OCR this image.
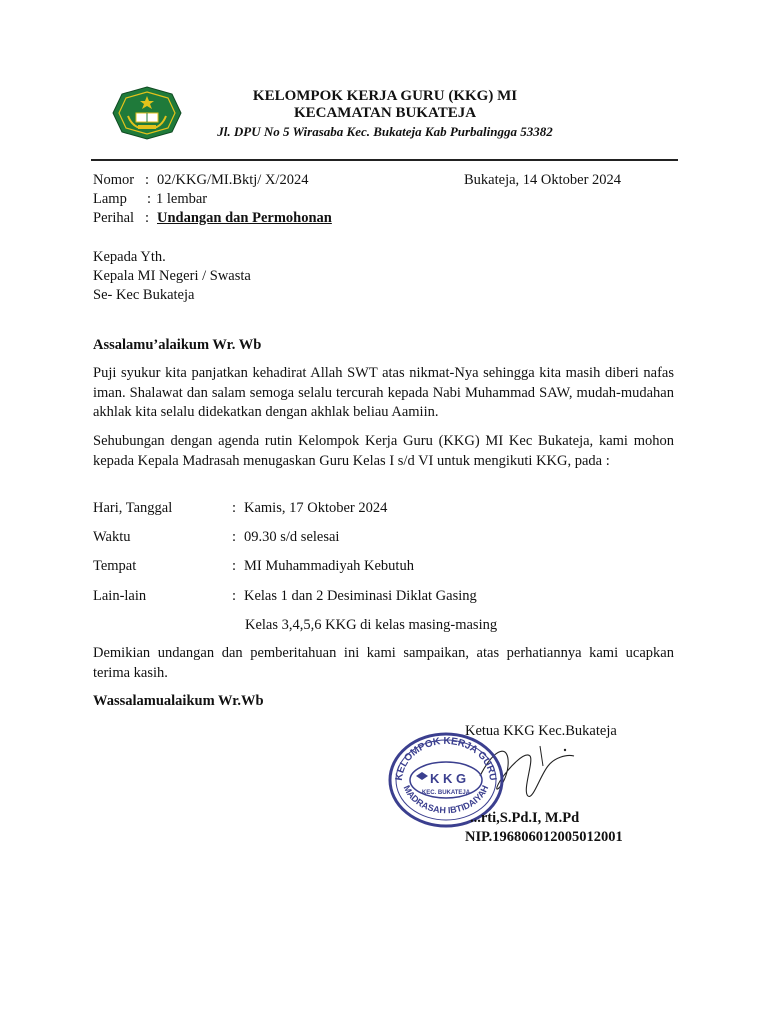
KELOMPOK KERJA GURU (KKG) MI
KECAMATAN BUKATEJA
Jl. DPU No 5 Wirasaba Kec. Bukateja Kab Purbalingga 53382
Nomor : 02/KKG/MI.Bktj/ X/2024	Bukateja, 14 Oktober 2024
Lamp : 1 lembar
Perihal : Undangan dan Permohonan
Kepada Yth.
Kepala MI Negeri / Swasta
Se- Kec Bukateja
Assalamu’alaikum Wr. Wb
Puji syukur kita panjatkan kehadirat Allah SWT atas nikmat-Nya sehingga kita masih diberi nafas iman. Shalawat dan salam semoga selalu tercurah kepada Nabi Muhammad SAW, mudah-mudahan akhlak kita selalu didekatkan dengan akhlak beliau Aamiin.
Sehubungan dengan agenda rutin Kelompok Kerja Guru (KKG) MI Kec Bukateja, kami mohon kepada Kepala Madrasah menugaskan Guru Kelas I s/d VI untuk mengikuti KKG, pada :
Hari, Tanggal	: Kamis, 17 Oktober 2024
Waktu	: 09.30 s/d selesai
Tempat	: MI Muhammadiyah Kebutuh
Lain-lain	: Kelas 1 dan 2 Desiminasi Diklat Gasing
Kelas 3,4,5,6 KKG di kelas masing-masing
Demikian undangan dan pemberitahuan ini kami sampaikan, atas perhatiannya kami ucapkan terima kasih.
Wassalamualaikum Wr.Wb
Ketua KKG Kec.Bukateja
KELOMPOK KERJA GURU
K K G
KEC. BUKATEJA
MADRASAH IBTIDAIYAH
...rti,S.Pd.I, M.Pd
NIP.196806012005012001
